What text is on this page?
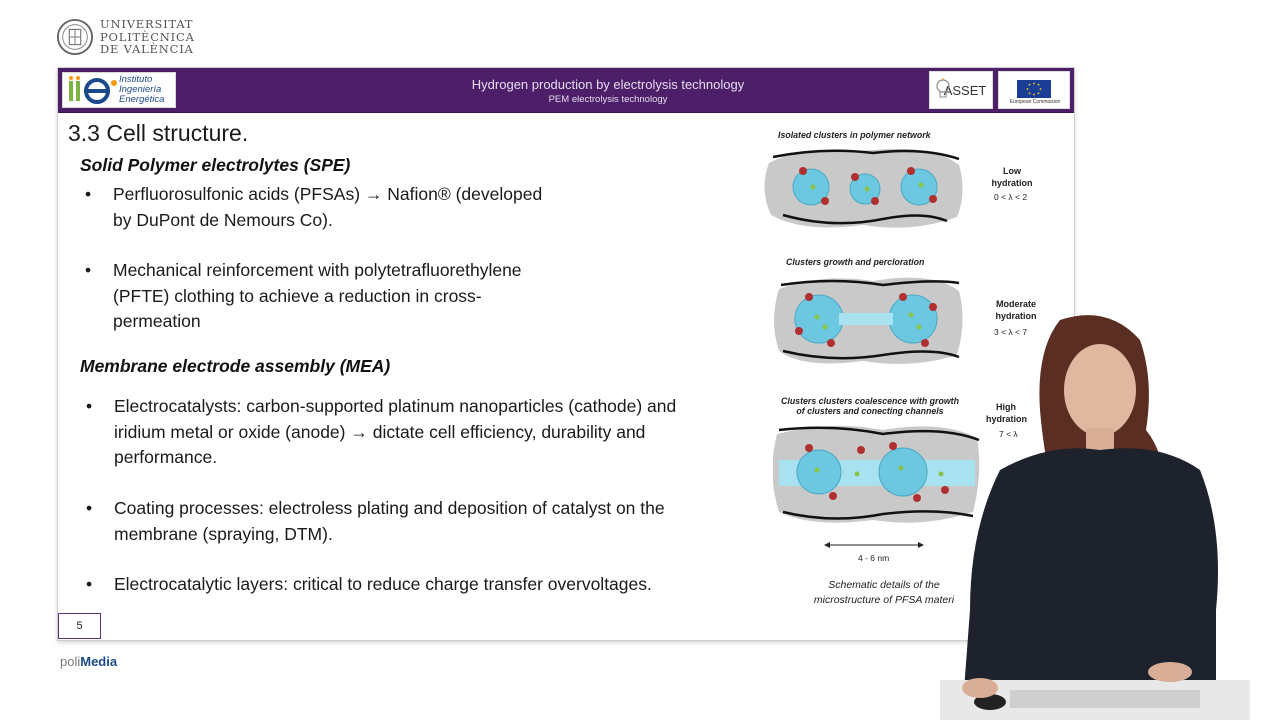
UNIVERSITAT
POLITÈCNICA
DE VALÈNCIA
Instituto
Ingeniería
Energética
Hydrogen production by electrolysis technology
PEM electrolysis technology
ASSET
European Commission
3.3 Cell structure.
Solid Polymer electrolytes (SPE)
• Perfluorosulfonic acids (PFSAs) → Nafion® (developed
by DuPont de Nemours Co).
• Mechanical reinforcement with polytetrafluorethylene
(PFTE) clothing to achieve a reduction in cross-
permeation
Membrane electrode assembly (MEA)
• Electrocatalysts: carbon-supported platinum nanoparticles (cathode) and
iridium metal or oxide (anode) → dictate cell efficiency, durability and
performance.
• Coating processes: electroless plating and deposition of catalyst on the
membrane (spraying, DTM).
• Electrocatalytic layers: critical to reduce charge transfer overvoltages.
Isolated clusters in polymer network
Low
hydration
0 < λ < 2
Clusters growth and percloration
Moderate
hydration
3 < λ < 7
Clusters clusters coalescence with growth
of clusters and conecting channels	High
hydration
7 < λ
4 - 6 nm
Schematic details of the
microstructure of PFSA materi
5
poliMedia
